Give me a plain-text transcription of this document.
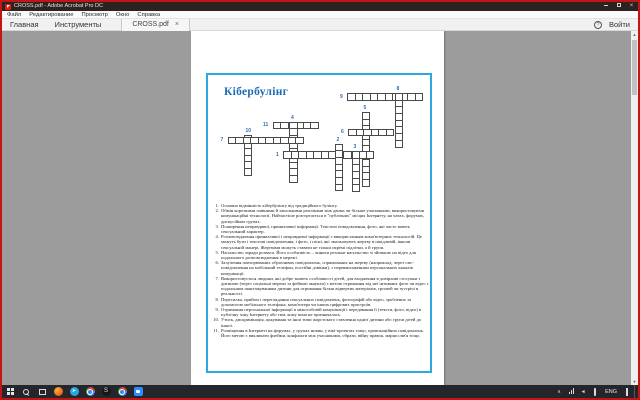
CROSS.pdf - Adobe Acrobat Pro DC	×
Файл Редактирование Просмотр Окно Справка
Главная	Инструменты	CROSS.pdf ×	?	Войти
Кібербулінг	9
8
5
6
11
4
10
7
1
2
3
1. Основна відмінність кібербулінгу від традиційного булінгу.
2. Обмін короткими гнівними й запальними репліками між двома чи більше учасниками, використовуючи комунікаційні технології. Найчастіше розгортається в "публічних" місцях Інтернету, на чатах, форумах, дискусійних групах.
3. Поширення неправдивої, принизливої інформації. Текстові повідомлення, фото, які часто мають сексуальний характер.
4. Розповсюдження принизливої і неправдивої інформації з використанням комп'ютерних технологій. Це можуть бути і текстові повідомлення, і фото, і пісні, які змальовують жертву в шкідливій, інколи сексуальній манері. Жертвами можуть ставати не тільки окремі підлітки, а й групи.
5. Насильство заради розваги. Його особливість – чинити реальне насильство зі зйомкою на відео для подальшого розповсюдження в мережі.
6. Залучення повторюваних образливих повідомлень, спрямованих на жертву (наприклад, через смс-повідомлення на мобільний телефон, постійні дзвінки), з перевантаженням персональних каналів комунікації.
7. Використовується людьми, які добре знають особливості дітей, для входження в довірливі стосунки з дитиною (через соціальні мережі та фейкові акаунти) з метою отримання від неї інтимних фото чи відео з подальшим шантажуванням дитини для отримання більш відвертих матеріалів, грошей чи зустрічі в реальності.
8. Пересилка, прийом і переглядання сексуальних повідомлень, фотографій або відео, зроблених за допомогою мобільного телефона, комп'ютера чи інших цифрових пристроїв.
9. Отримання персональної інформації в міжособовій комунікації і передавання її (тексти, фото, відео) в публічну зону Інтернету або тим, кому вона не призначалась.
10. Утиск, дискримінація, цькування та інші типи жорстокого ставлення однієї дитини або групи дітей до іншої.
11. Розміщення в Інтернеті на форумах, у групах новин, у вікі-проектах тощо, провокаційних повідомлень. Його метою є викликати флейми, конфлікти між учасниками, образи, війну правок, марнослів'я тощо.
▲
▼
➤	S	∧	◄	ENG
